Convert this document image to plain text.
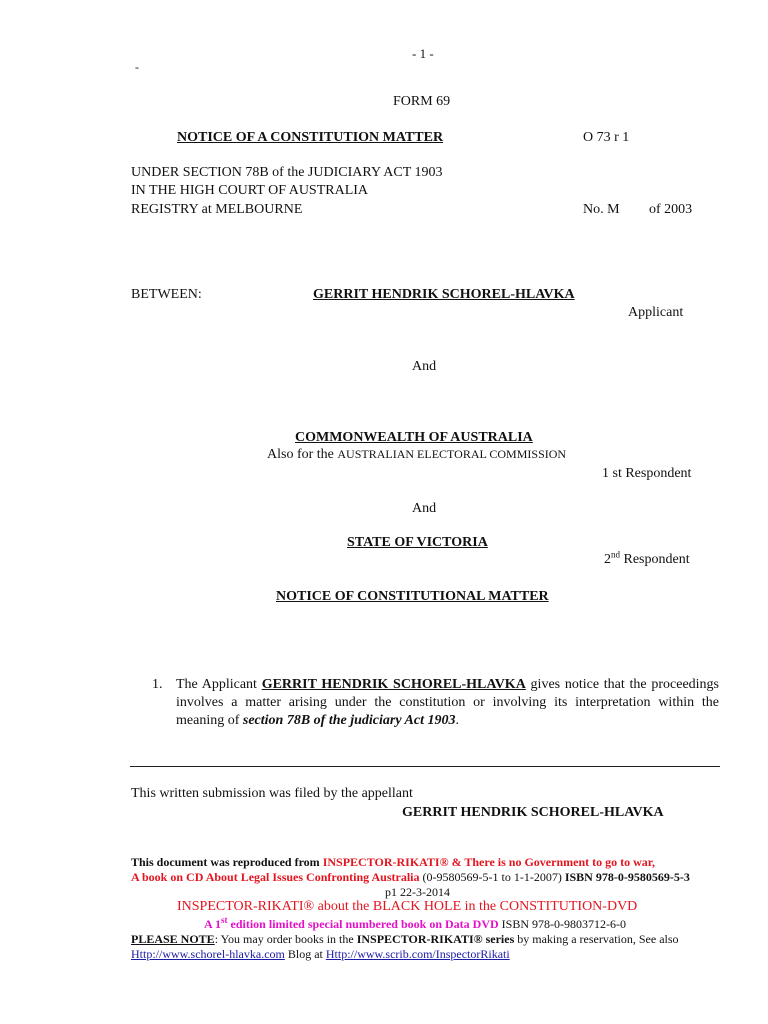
- 1 -
-
FORM 69
NOTICE OF A CONSTITUTION MATTER	O 73 r 1
UNDER SECTION 78B of the JUDICIARY ACT 1903
IN THE HIGH COURT OF AUSTRALIA
REGISTRY at MELBOURNE	No. M of 2003
BETWEEN:	GERRIT HENDRIK SCHOREL-HLAVKA
Applicant
And
COMMONWEALTH OF AUSTRALIA
Also for the AUSTRALIAN ELECTORAL COMMISSION
1 st Respondent
And
STATE OF VICTORIA
2nd Respondent
NOTICE OF CONSTITUTIONAL MATTER
1. The Applicant GERRIT HENDRIK SCHOREL-HLAVKA gives notice that the proceedings involves a matter arising under the constitution or involving its interpretation within the meaning of section 78B of the judiciary Act 1903.
This written submission was filed by the appellant
GERRIT HENDRIK SCHOREL-HLAVKA
This document was reproduced from INSPECTOR-RIKATI® & There is no Government to go to war,
A book on CD About Legal Issues Confronting Australia (0-9580569-5-1 to 1-1-2007) ISBN 978-0-9580569-5-3
p1 22-3-2014
INSPECTOR-RIKATI® about the BLACK HOLE in the CONSTITUTION-DVD
A 1st edition limited special numbered book on Data DVD ISBN 978-0-9803712-6-0
PLEASE NOTE: You may order books in the INSPECTOR-RIKATI® series by making a reservation, See also
Http://www.schorel-hlavka.com Blog at Http://www.scrib.com/InspectorRikati
